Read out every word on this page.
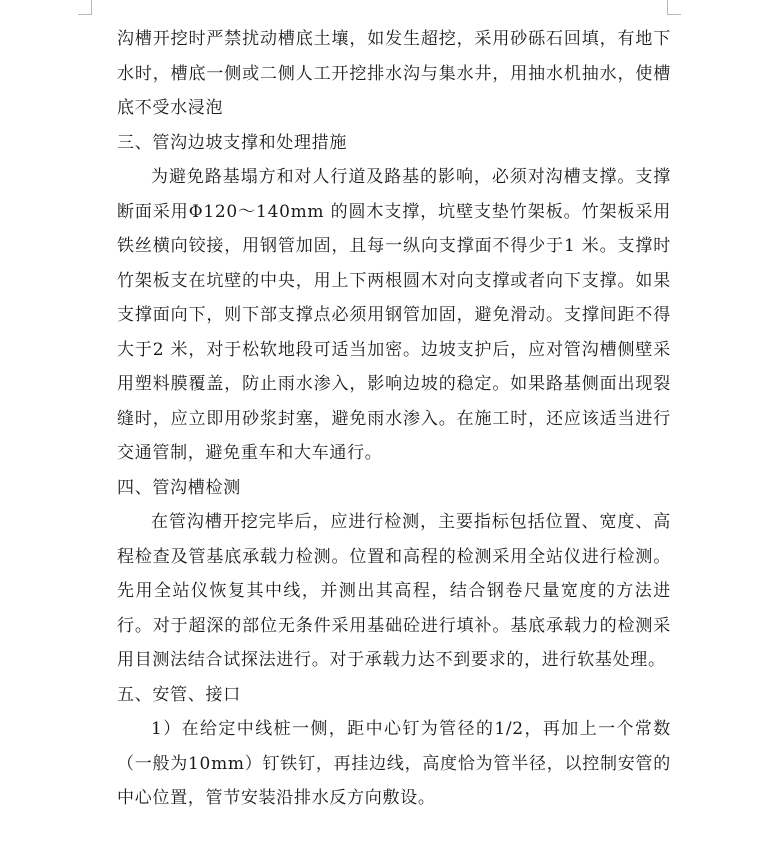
沟槽开挖时严禁扰动槽底土壤，如发生超挖，采用砂砾石回填，有地下水时，槽底一侧或二侧人工开挖排水沟与集水井，用抽水机抽水，使槽底不受水浸泡

三、管沟边坡支撑和处理措施

为避免路基塌方和对人行道及路基的影响，必须对沟槽支撑。支撑断面采用Φ120～140mm 的圆木支撑，坑壁支垫竹架板。竹架板采用铁丝横向铰接，用钢管加固，且每一纵向支撑面不得少于1 米。支撑时竹架板支在坑壁的中央，用上下两根圆木对向支撑或者向下支撑。如果支撑面向下，则下部支撑点必须用钢管加固，避免滑动。支撑间距不得大于2 米，对于松软地段可适当加密。边坡支护后，应对管沟槽侧壁采用塑料膜覆盖，防止雨水渗入，影响边坡的稳定。如果路基侧面出现裂缝时，应立即用砂浆封塞，避免雨水渗入。在施工时，还应该适当进行交通管制，避免重车和大车通行。

四、管沟槽检测

在管沟槽开挖完毕后，应进行检测，主要指标包括位置、宽度、高程检查及管基底承载力检测。位置和高程的检测采用全站仪进行检测。先用全站仪恢复其中线，并测出其高程，结合钢卷尺量宽度的方法进行。对于超深的部位无条件采用基础砼进行填补。基底承载力的检测采用目测法结合试探法进行。对于承载力达不到要求的，进行软基处理。

五、安管、接口

1）在给定中线桩一侧，距中心钉为管径的1/2，再加上一个常数（一般为10mm）钉铁钉，再挂边线，高度恰为管半径，以控制安管的中心位置，管节安装沿排水反方向敷设。
